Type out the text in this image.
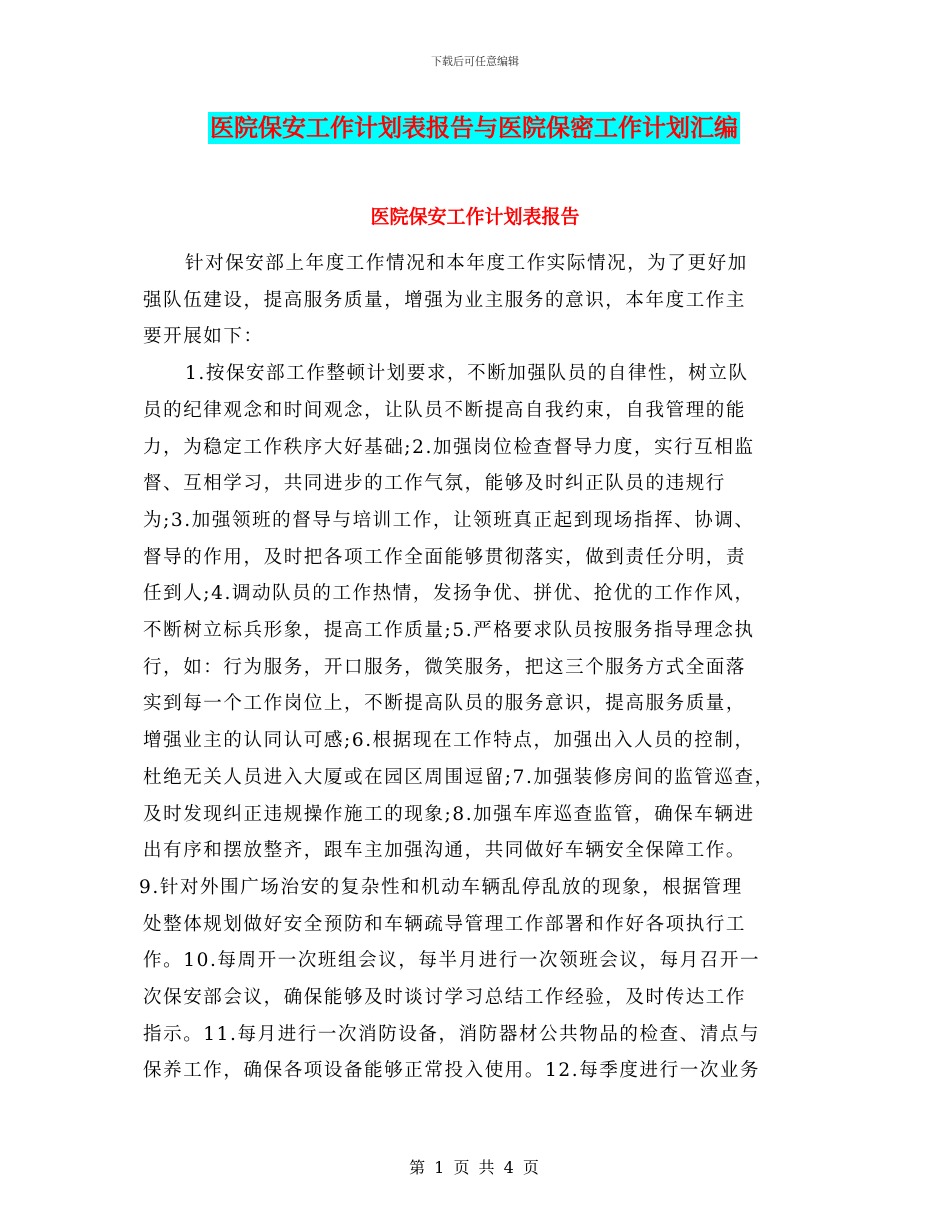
下载后可任意编辑
医院保安工作计划表报告与医院保密工作计划汇编
医院保安工作计划表报告
针对保安部上年度工作情况和本年度工作实际情况，为了更好加
强队伍建设，提高服务质量，增强为业主服务的意识，本年度工作主
要开展如下：
1.按保安部工作整顿计划要求，不断加强队员的自律性，树立队
员的纪律观念和时间观念，让队员不断提高自我约束，自我管理的能
力，为稳定工作秩序大好基础;2.加强岗位检查督导力度，实行互相监
督、互相学习，共同进步的工作气氛，能够及时纠正队员的违规行
为;3.加强领班的督导与培训工作，让领班真正起到现场指挥、协调、
督导的作用，及时把各项工作全面能够贯彻落实，做到责任分明，责
任到人;4.调动队员的工作热情，发扬争优、拼优、抢优的工作作风，
不断树立标兵形象，提高工作质量;5.严格要求队员按服务指导理念执
行，如：行为服务，开口服务，微笑服务，把这三个服务方式全面落
实到每一个工作岗位上，不断提高队员的服务意识，提高服务质量，
增强业主的认同认可感;6.根据现在工作特点，加强出入人员的控制，
杜绝无关人员进入大厦或在园区周围逗留;7.加强装修房间的监管巡查，
及时发现纠正违规操作施工的现象;8.加强车库巡查监管，确保车辆进
出有序和摆放整齐，跟车主加强沟通，共同做好车辆安全保障工作。
9.针对外围广场治安的复杂性和机动车辆乱停乱放的现象，根据管理
处整体规划做好安全预防和车辆疏导管理工作部署和作好各项执行工
作。10.每周开一次班组会议，每半月进行一次领班会议，每月召开一
次保安部会议，确保能够及时谈讨学习总结工作经验，及时传达工作
指示。11.每月进行一次消防设备，消防器材公共物品的检查、清点与
保养工作，确保各项设备能够正常投入使用。12.每季度进行一次业务
第 1 页 共 4 页
